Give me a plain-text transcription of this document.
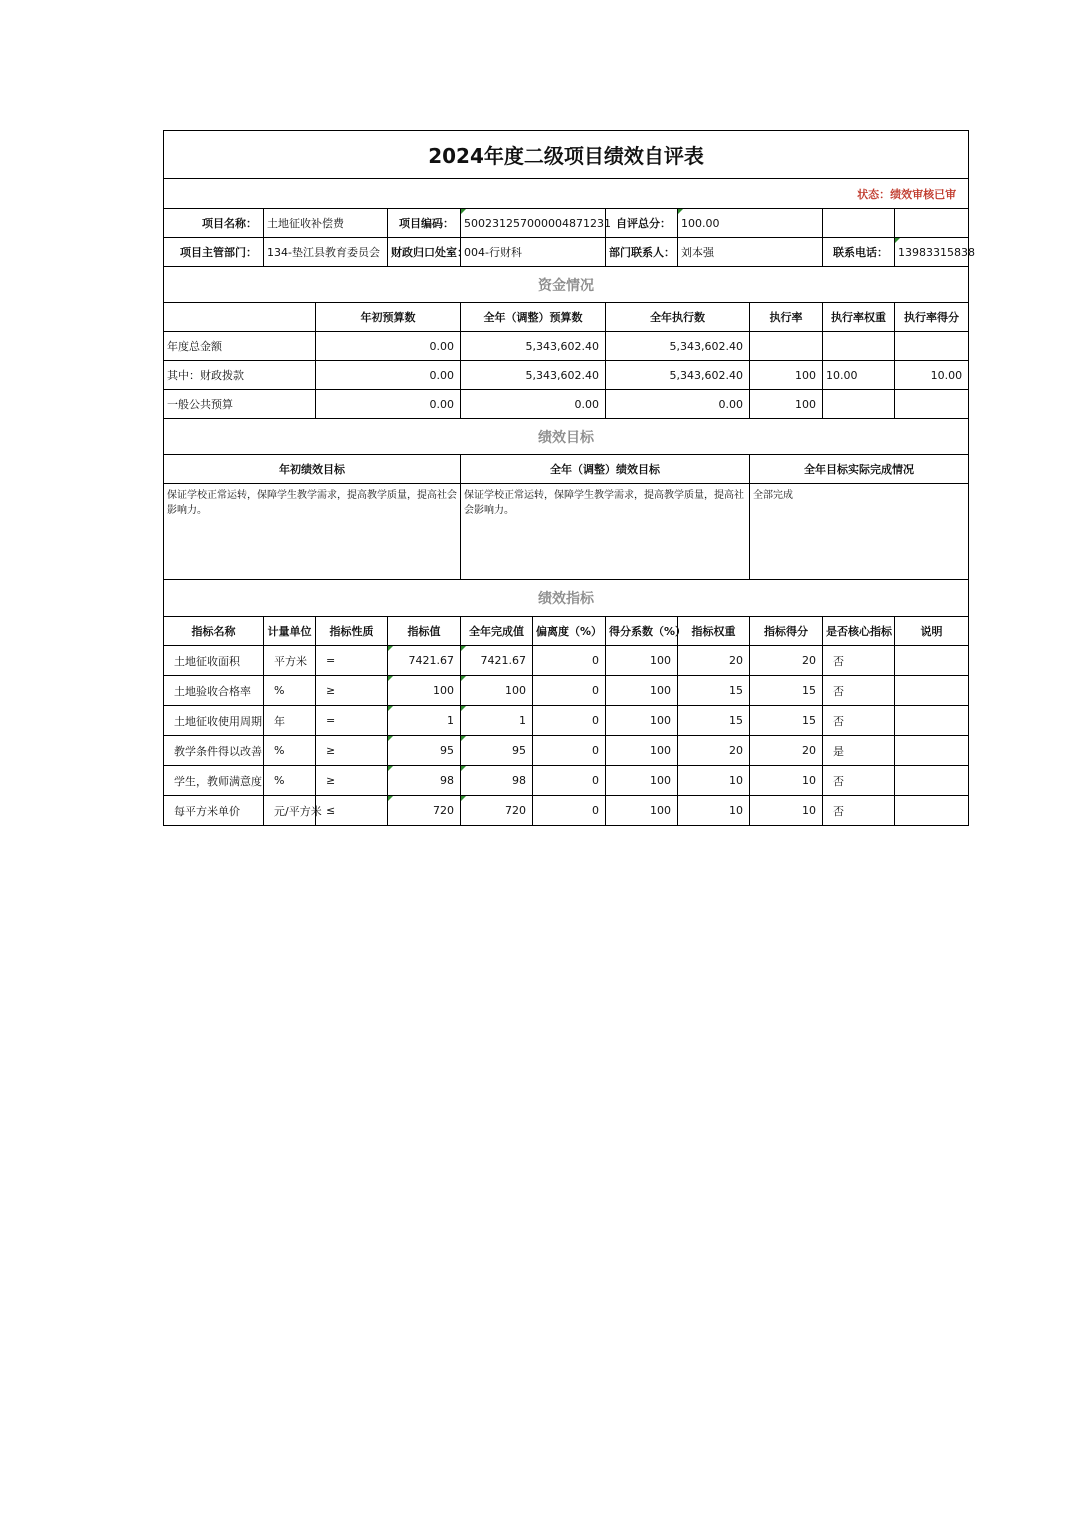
2024年度二级项目绩效自评表										
状态：绩效审核已审										
项目名称：	土地征收补偿费		项目编码：	500231257000004871231		自评总分：	100.00			
项目主管部门：	134-垫江县教育委员会		财政归口处室：	004-行财科		部门联系人：	刘本强		联系电话：	13983315838
资金情况										
		年初预算数		全年（调整）预算数		全年执行数		执行率	执行率权重	执行率得分
年度总金额		0.00		5,343,602.40		5,343,602.40				
其中：财政拨款		0.00		5,343,602.40		5,343,602.40		100	10.00	10.00
一般公共预算		0.00		0.00		0.00		100		
绩效目标										
年初绩效目标				全年（调整）绩效目标				全年目标实际完成情况		
保证学校正常运转，保障学生教学需求，提高教学质量，提高社会影响力。				保证学校正常运转，保障学生教学需求，提高教学质量，提高社会影响力。				全部完成		
绩效指标										
指标名称	计量单位	指标性质	指标值	全年完成值	偏离度（%）	得分系数（%）	指标权重	指标得分	是否核心指标	说明
土地征收面积	平方米	=	7421.67	7421.67	0	100	20	20	否	
土地验收合格率	%	≥	100	100	0	100	15	15	否	
土地征收使用周期	年	=	1	1	0	100	15	15	否	
教学条件得以改善	%	≥	95	95	0	100	20	20	是	
学生，教师满意度	%	≥	98	98	0	100	10	10	否	
每平方米单价	元/平方米	≤	720	720	0	100	10	10	否	
